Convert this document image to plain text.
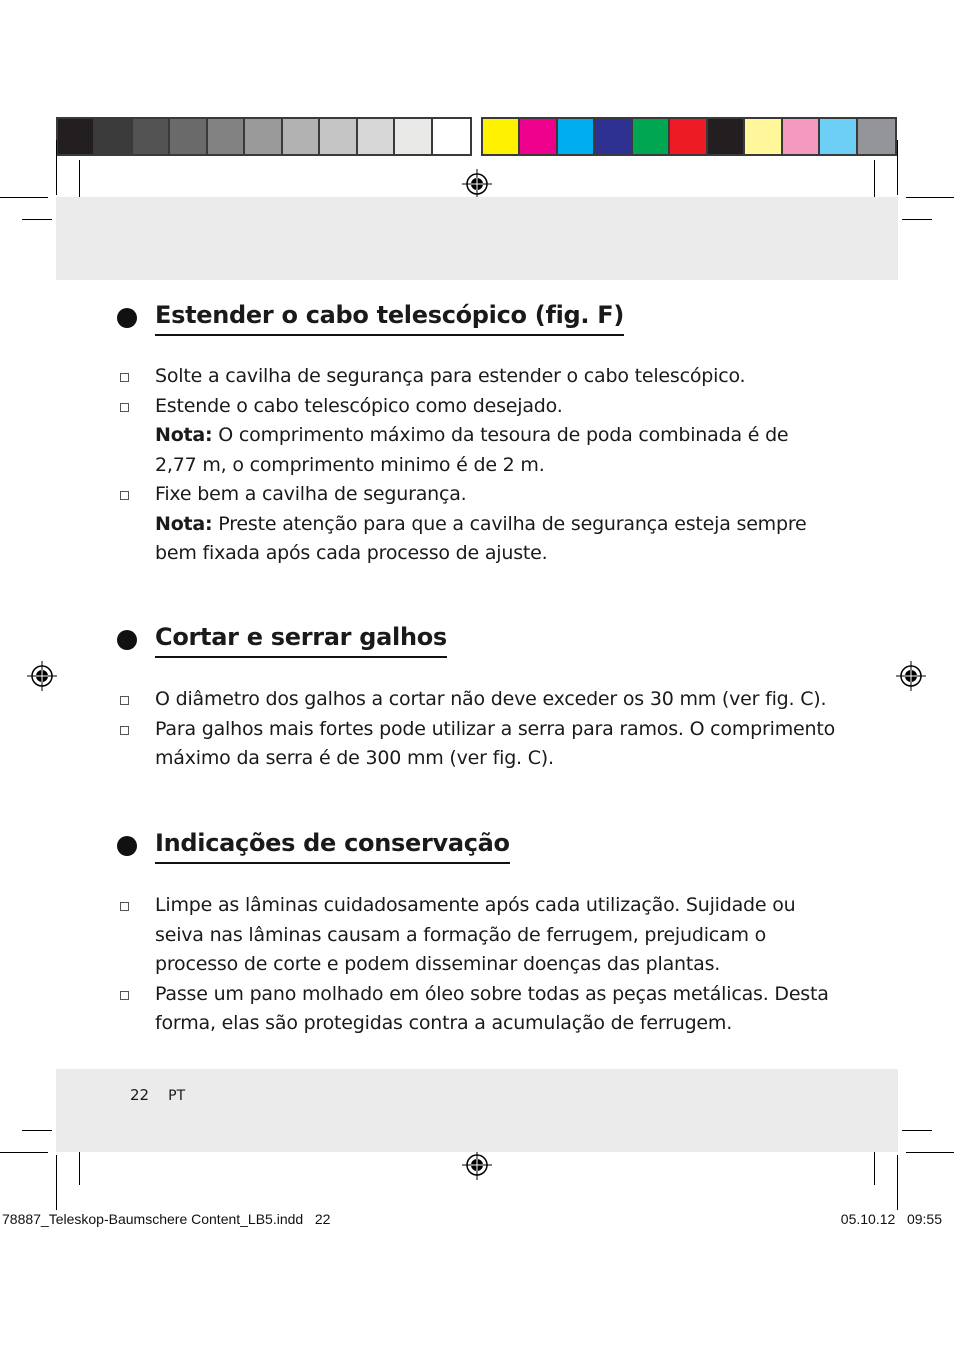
Estender o cabo telescópico (fig. F)
Solte a cavilha de segurança para estender o cabo telescópico.
Estende o cabo telescópico como desejado.
Nota: O comprimento máximo da tesoura de poda combinada é de 2,77 m, o comprimento minimo é de 2 m.
Fixe bem a cavilha de segurança.
Nota: Preste atenção para que a cavilha de segurança esteja sempre bem fixada após cada processo de ajuste.
Cortar e serrar galhos
O diâmetro dos galhos a cortar não deve exceder os 30 mm (ver fig. C).
Para galhos mais fortes pode utilizar a serra para ramos. O comprimento máximo da serra é de 300 mm (ver fig. C).
Indicações de conservação
Limpe as lâminas cuidadosamente após cada utilização. Sujidade ou seiva nas lâminas causam a formação de ferrugem, prejudicam o processo de corte e podem disseminar doenças das plantas.
Passe um pano molhado em óleo sobre todas as peças metálicas. Desta forma, elas são protegidas contra a acumulação de ferrugem.
22 PT
78887_Teleskop-Baumschere Content_LB5.indd   22	05.10.12   09:55
